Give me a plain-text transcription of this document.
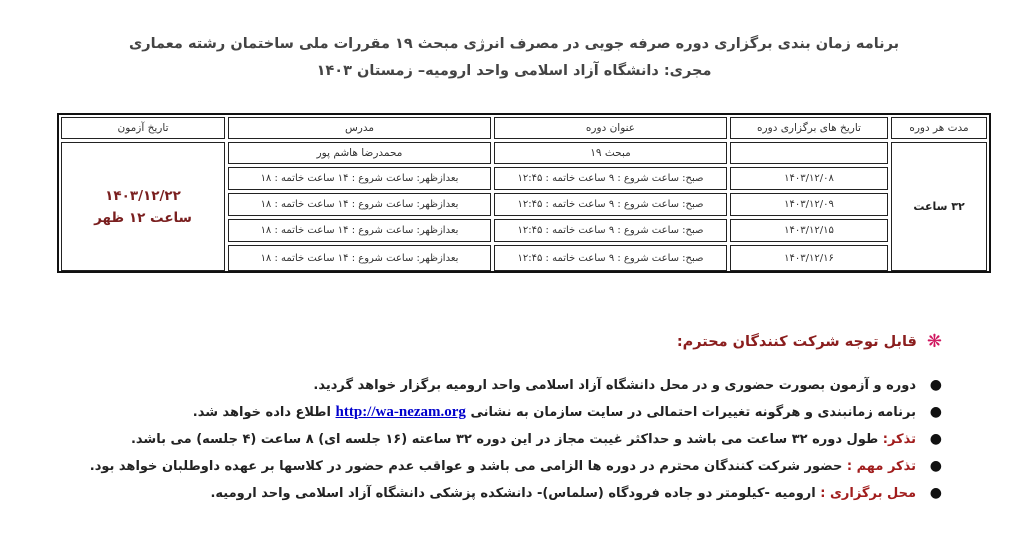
برنامه زمان بندی برگزاری دوره صرفه جویی در مصرف انرژی مبحث ۱۹ مقررات ملی ساختمان رشته معماری
مجری: دانشگاه آزاد اسلامی واحد ارومیه– زمستان ۱۴۰۳
مدت هر دوره
تاریخ های برگزاری دوره
عنوان دوره
مدرس
تاریخ آزمون
۳۲ ساعت
۱۴۰۳/۱۲/۲۲
ساعت ۱۲ ظهر
مبحث ۱۹
محمدرضا هاشم پور
۱۴۰۳/۱۲/۰۸
صبح: ساعت شروع : ۹ ساعت خاتمه : ۱۲:۴۵
بعدازظهر: ساعت شروع : ۱۴ ساعت خاتمه : ۱۸
۱۴۰۳/۱۲/۰۹
صبح: ساعت شروع : ۹ ساعت خاتمه : ۱۲:۴۵
بعدازظهر: ساعت شروع : ۱۴ ساعت خاتمه : ۱۸
۱۴۰۳/۱۲/۱۵
صبح: ساعت شروع : ۹ ساعت خاتمه : ۱۲:۴۵
بعدازظهر: ساعت شروع : ۱۴ ساعت خاتمه : ۱۸
۱۴۰۳/۱۲/۱۶
صبح: ساعت شروع : ۹ ساعت خاتمه : ۱۲:۴۵
بعدازظهر: ساعت شروع : ۱۴ ساعت خاتمه : ۱۸
❋
قابل توجه شرکت کنندگان محترم:
●
دوره و آزمون بصورت حضوری و در محل دانشگاه آزاد اسلامی واحد ارومیه برگزار خواهد گردید.
●
برنامه زمانبندی و هرگونه تغییرات احتمالی در سایت سازمان به نشانی http://wa-nezam.org اطلاع داده خواهد شد.
●
تذکر: طول دوره ۳۲ ساعت می باشد و حداکثر غیبت مجاز در این دوره ۳۲ ساعته (۱۶ جلسه ای) ۸ ساعت (۴ جلسه) می باشد.
●
تذکر مهم : حضور شرکت کنندگان محترم در دوره ها الزامی می باشد و عواقب عدم حضور در کلاسها بر عهده داوطلبان خواهد بود.
●
محل برگزاری : ارومیه -کیلومتر دو جاده فرودگاه (سلماس)- دانشکده پزشکی دانشگاه آزاد اسلامی واحد ارومیه.
